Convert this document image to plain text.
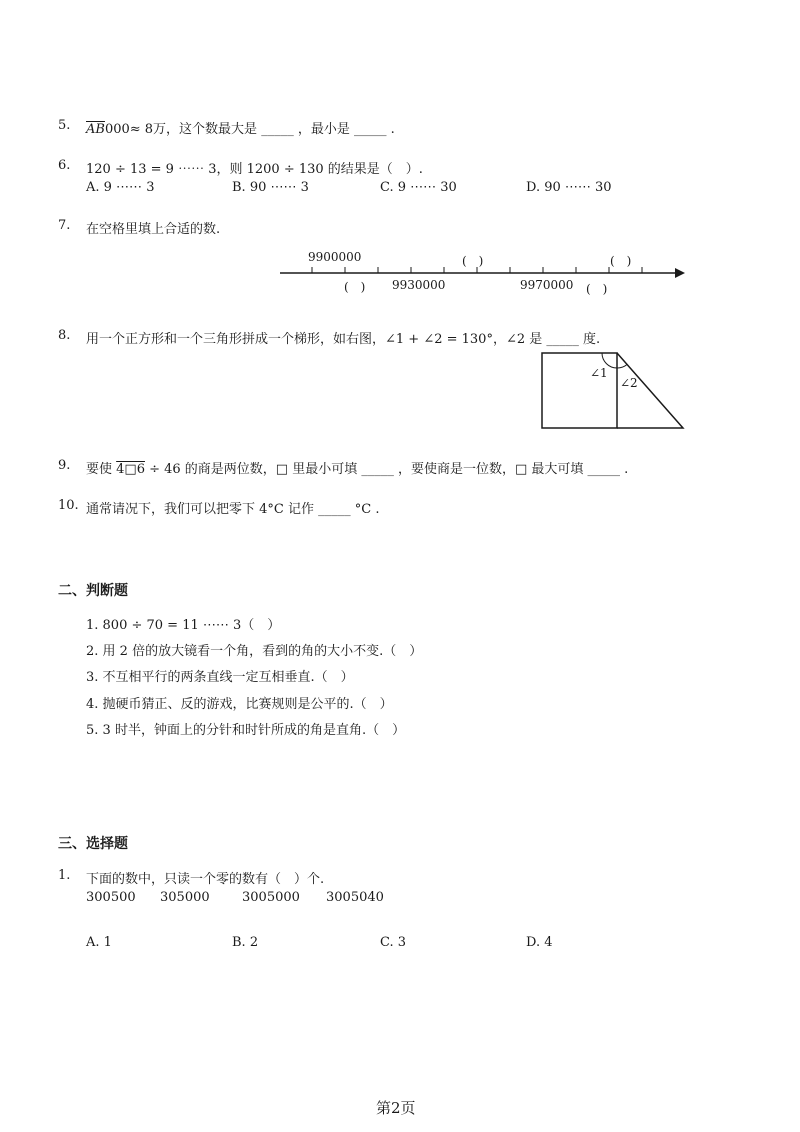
5. $\overline{AB}000\approx 8$万，这个数最大是 _____ ，最小是 _____ .
6. 120 ÷ 13 = 9 ⋯⋯ 3，则 1200 ÷ 130 的结果是（　）.
A. 9 ⋯⋯ 3	B. 90 ⋯⋯ 3	C. 9 ⋯⋯ 30	D. 90 ⋯⋯ 30
7. 在空格里填上合适的数.
9900000	(　)	(　)
(　) 9930000	9970000 (　)
8. 用一个正方形和一个三角形拼成一个梯形，如右图，∠1 + ∠2 = 130°，∠2 是 _____ 度.
∠1
∠2
9. 要使 4□6 ÷ 46 的商是两位数，□ 里最小可填 _____ ，要使商是一位数，□ 最大可填 _____ .
10. 通常请况下，我们可以把零下 4°C 记作 _____ °C .
二、判断题
1. 800 ÷ 70 = 11 ⋯⋯ 3（　）
2. 用 2 倍的放大镜看一个角，看到的角的大小不变.（　）
3. 不互相平行的两条直线一定互相垂直.（　）
4. 抛硬币猜正、反的游戏，比赛规则是公平的.（　）
5. 3 时半，钟面上的分针和时针所成的角是直角.（　）
三、选择题
1. 下面的数中，只读一个零的数有（　）个.
300500 305000 3005000 3005040
A. 1	B. 2	C. 3	D. 4
第2页
